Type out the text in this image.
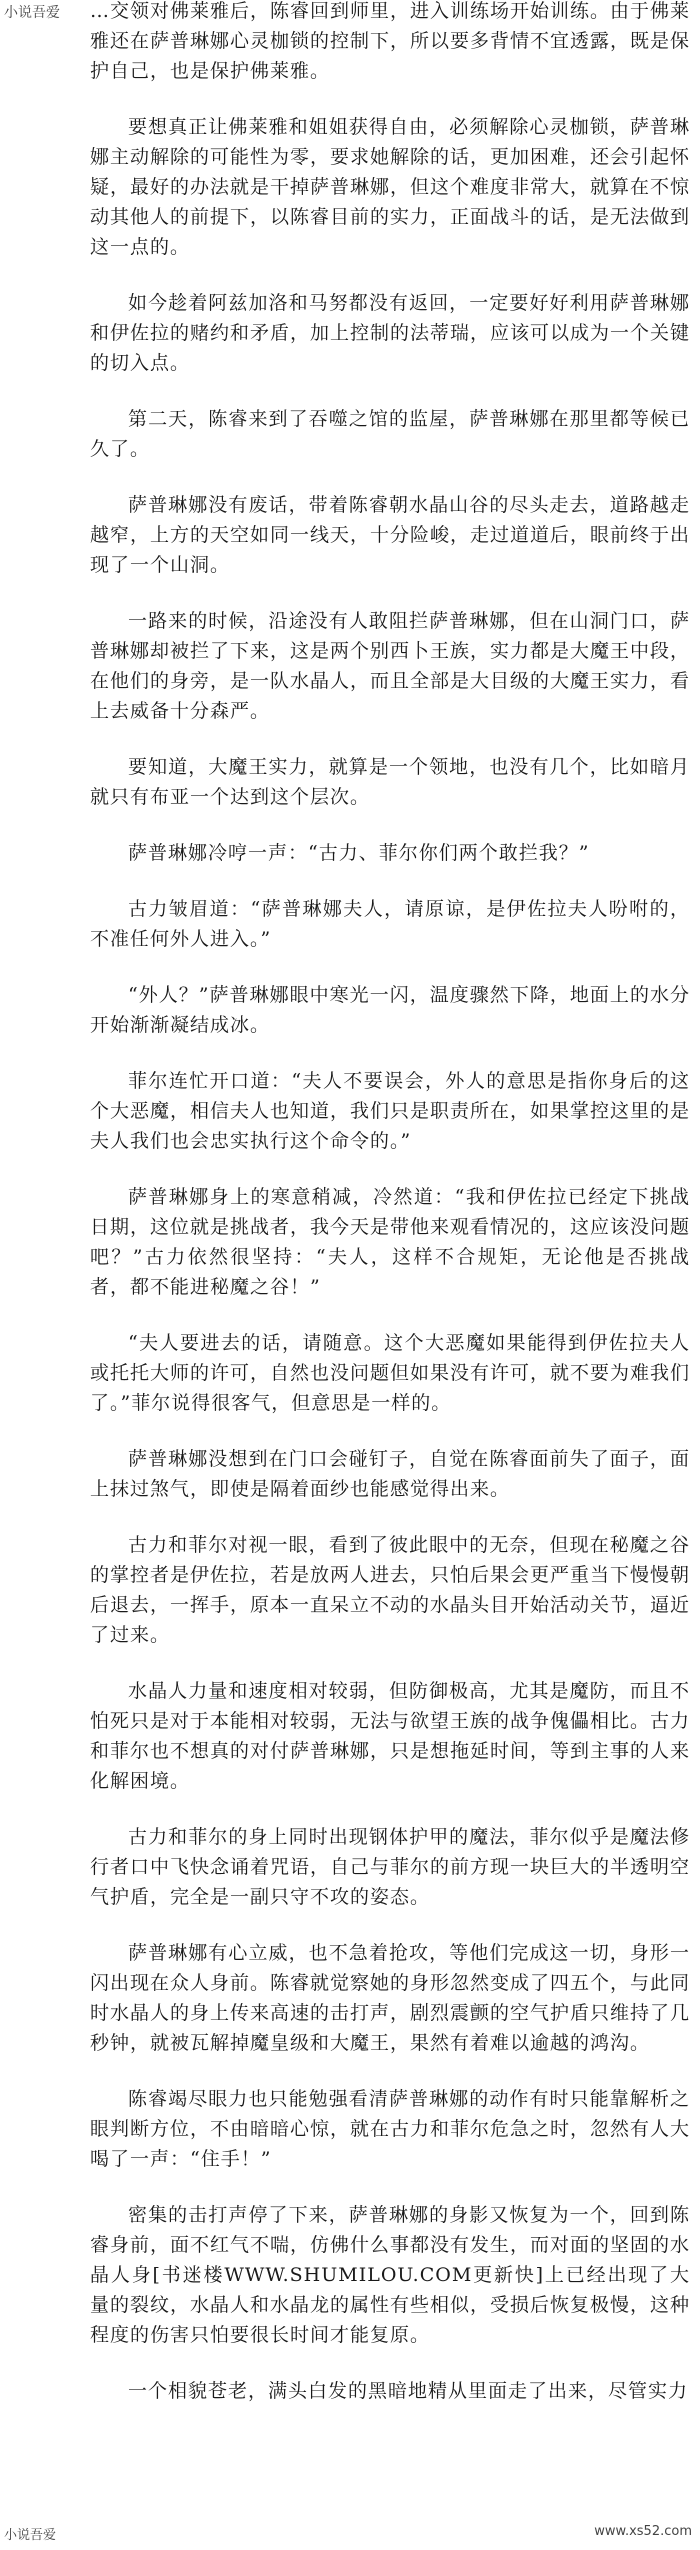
小说吾爱 …交领对佛莱雅后，陈睿回到师里，进入训练场开始训练。由于佛莱雅还在萨普琳娜心灵枷锁的控制下，所以要多背情不宜透露，既是保护自己，也是保护佛莱雅。

要想真正让佛莱雅和姐姐获得自由，必须解除心灵枷锁，萨普琳娜主动解除的可能性为零，要求她解除的话，更加困难，还会引起怀疑，最好的办法就是干掉萨普琳娜，但这个难度非常大，就算在不惊动其他人的前提下，以陈睿目前的实力，正面战斗的话，是无法做到这一点的。

如今趁着阿兹加洛和马努都没有返回，一定要好好利用萨普琳娜和伊佐拉的赌约和矛盾，加上控制的法蒂瑞，应该可以成为一个关键的切入点。

第二天，陈睿来到了吞噬之馆的监屋，萨普琳娜在那里都等候已久了。

萨普琳娜没有废话，带着陈睿朝水晶山谷的尽头走去，道路越走越窄，上方的天空如同一线天，十分险峻，走过道道后，眼前终于出现了一个山洞。

一路来的时候，沿途没有人敢阻拦萨普琳娜，但在山洞门口，萨普琳娜却被拦了下来，这是两个别西卜王族，实力都是大魔王中段，在他们的身旁，是一队水晶人，而且全部是大目级的大魔王实力，看上去威备十分森严。

要知道，大魔王实力，就算是一个领地，也没有几个，比如暗月就只有布亚一个达到这个层次。

萨普琳娜冷哼一声：“古力、菲尔你们两个敢拦我？”

古力皱眉道：“萨普琳娜夫人，请原谅，是伊佐拉夫人吩咐的，不准任何外人进入。”

“外人？”萨普琳娜眼中寒光一闪，温度骤然下降，地面上的水分开始渐渐凝结成冰。

菲尔连忙开口道：“夫人不要误会，外人的意思是指你身后的这个大恶魔，相信夫人也知道，我们只是职责所在，如果掌控这里的是夫人我们也会忠实执行这个命令的。”

萨普琳娜身上的寒意稍减，冷然道：“我和伊佐拉已经定下挑战日期，这位就是挑战者，我今天是带他来观看情况的，这应该没问题吧？”古力依然很坚持：“夫人，这样不合规矩，无论他是否挑战者，都不能进秘魔之谷！”

“夫人要进去的话，请随意。这个大恶魔如果能得到伊佐拉夫人或托托大师的许可，自然也没问题但如果没有许可，就不要为难我们了。”菲尔说得很客气，但意思是一样的。

萨普琳娜没想到在门口会碰钉子，自觉在陈睿面前失了面子，面上抹过煞气，即使是隔着面纱也能感觉得出来。

古力和菲尔对视一眼，看到了彼此眼中的无奈，但现在秘魔之谷的掌控者是伊佐拉，若是放两人进去，只怕后果会更严重当下慢慢朝后退去，一挥手，原本一直呆立不动的水晶头目开始活动关节，逼近了过来。

水晶人力量和速度相对较弱，但防御极高，尤其是魔防，而且不怕死只是对于本能相对较弱，无法与欲望王族的战争傀儡相比。古力和菲尔也不想真的对付萨普琳娜，只是想拖延时间，等到主事的人来化解困境。

古力和菲尔的身上同时出现钢体护甲的魔法，菲尔似乎是魔法修行者口中飞快念诵着咒语，自己与菲尔的前方现一块巨大的半透明空气护盾，完全是一副只守不攻的姿态。

萨普琳娜有心立威，也不急着抢攻，等他们完成这一切，身形一闪出现在众人身前。陈睿就觉察她的身形忽然变成了四五个，与此同时水晶人的身上传来高速的击打声，剧烈震颤的空气护盾只维持了几秒钟，就被瓦解掉魔皇级和大魔王，果然有着难以逾越的鸿沟。

陈睿竭尽眼力也只能勉强看清萨普琳娜的动作有时只能靠解析之眼判断方位，不由暗暗心惊，就在古力和菲尔危急之时，忽然有人大喝了一声：“住手！”

密集的击打声停了下来，萨普琳娜的身影又恢复为一个，回到陈睿身前，面不红气不喘，仿佛什么事都没有发生，而对面的坚固的水晶人身[书迷楼WWW.SHUMILOU.COM更新快]上已经出现了大量的裂纹，水晶人和水晶龙的属性有些相似，受损后恢复极慢，这种程度的伤害只怕要很长时间才能复原。

一个相貌苍老，满头白发的黑暗地精从里面走了出来，尽管实力

小说吾爱	www.xs52.com
